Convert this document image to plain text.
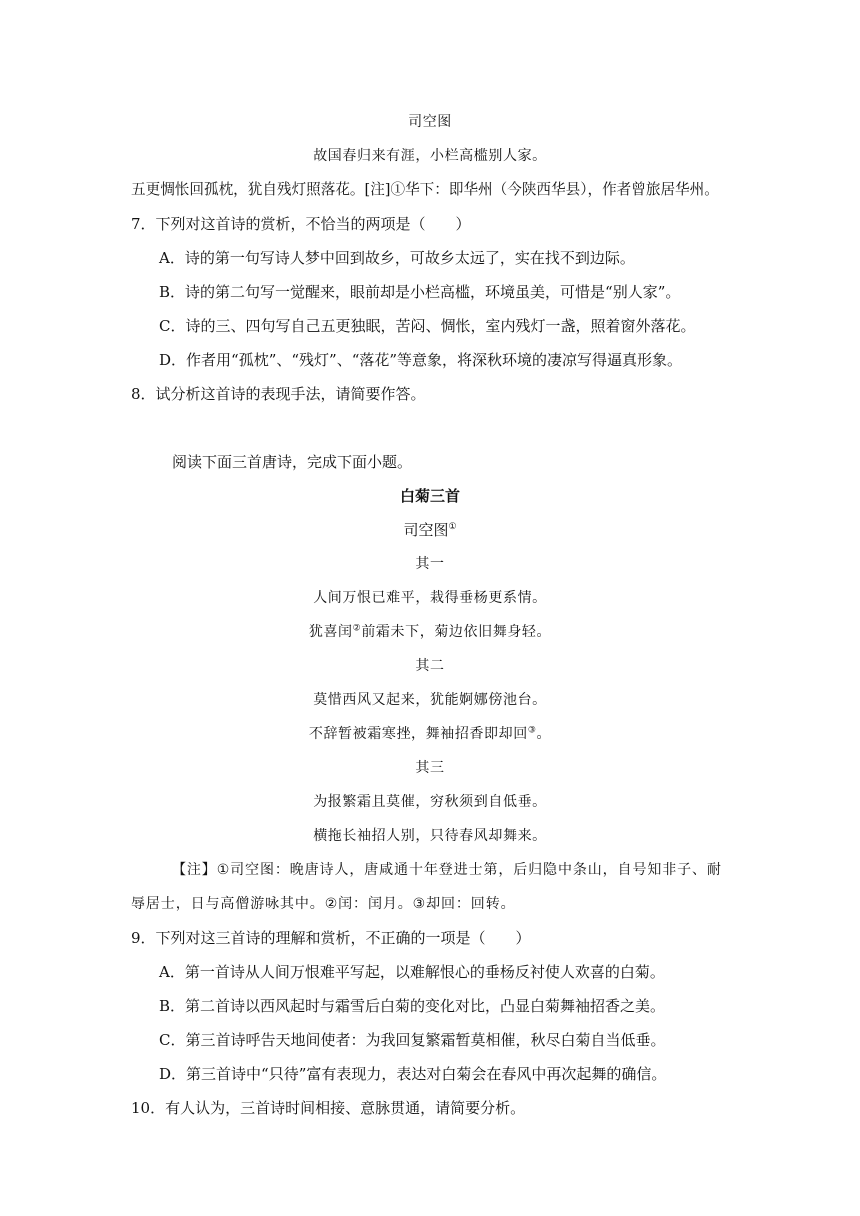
司空图
故国春归来有涯，小栏高槛别人家。
五更惆怅回孤枕，犹自残灯照落花。[注]①华下：即华州（今陕西华县），作者曾旅居华州。
7．下列对这首诗的赏析，不恰当的两项是（　　）
A．诗的第一句写诗人梦中回到故乡，可故乡太远了，实在找不到边际。
B．诗的第二句写一觉醒来，眼前却是小栏高槛，环境虽美，可惜是“别人家”。
C．诗的三、四句写自己五更独眠，苦闷、惆怅，室内残灯一盏，照着窗外落花。
D．作者用“孤枕”、“残灯”、“落花”等意象，将深秋环境的凄凉写得逼真形象。
8．试分析这首诗的表现手法，请简要作答。
阅读下面三首唐诗，完成下面小题。
白菊三首
司空图①
其一
人间万恨已难平，栽得垂杨更系情。
犹喜闰②前霜未下，菊边依旧舞身轻。
其二
莫惜西风又起来，犹能婀娜傍池台。
不辞暂被霜寒挫，舞袖招香即却回③。
其三
为报繁霜且莫催，穷秋须到自低垂。
横拖长袖招人别，只待春风却舞来。
【注】①司空图：晚唐诗人，唐咸通十年登进士第，后归隐中条山，自号知非子、耐
辱居士，日与高僧游咏其中。②闰：闰月。③却回：回转。
9．下列对这三首诗的理解和赏析，不正确的一项是（　　）
A．第一首诗从人间万恨难平写起，以难解恨心的垂杨反衬使人欢喜的白菊。
B．第二首诗以西风起时与霜雪后白菊的变化对比，凸显白菊舞袖招香之美。
C．第三首诗呼告天地间使者：为我回复繁霜暂莫相催，秋尽白菊自当低垂。
D．第三首诗中“只待”富有表现力，表达对白菊会在春风中再次起舞的确信。
10．有人认为，三首诗时间相接、意脉贯通，请简要分析。
